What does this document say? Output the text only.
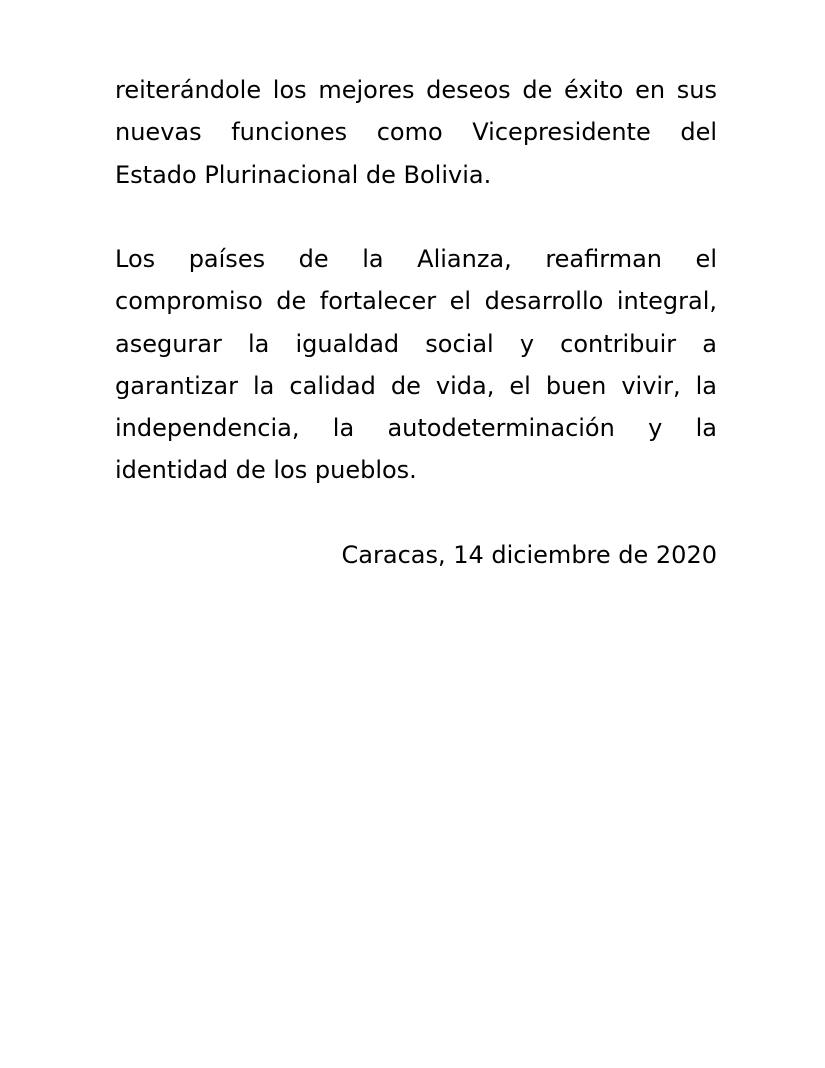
reiterándole los mejores deseos de éxito en sus
nuevas funciones como Vicepresidente del
Estado Plurinacional de Bolivia.
Los países de la Alianza, reafirman el
compromiso de fortalecer el desarrollo integral,
asegurar la igualdad social y contribuir a
garantizar la calidad de vida, el buen vivir, la
independencia, la autodeterminación y la
identidad de los pueblos.
Caracas, 14 diciembre de 2020
